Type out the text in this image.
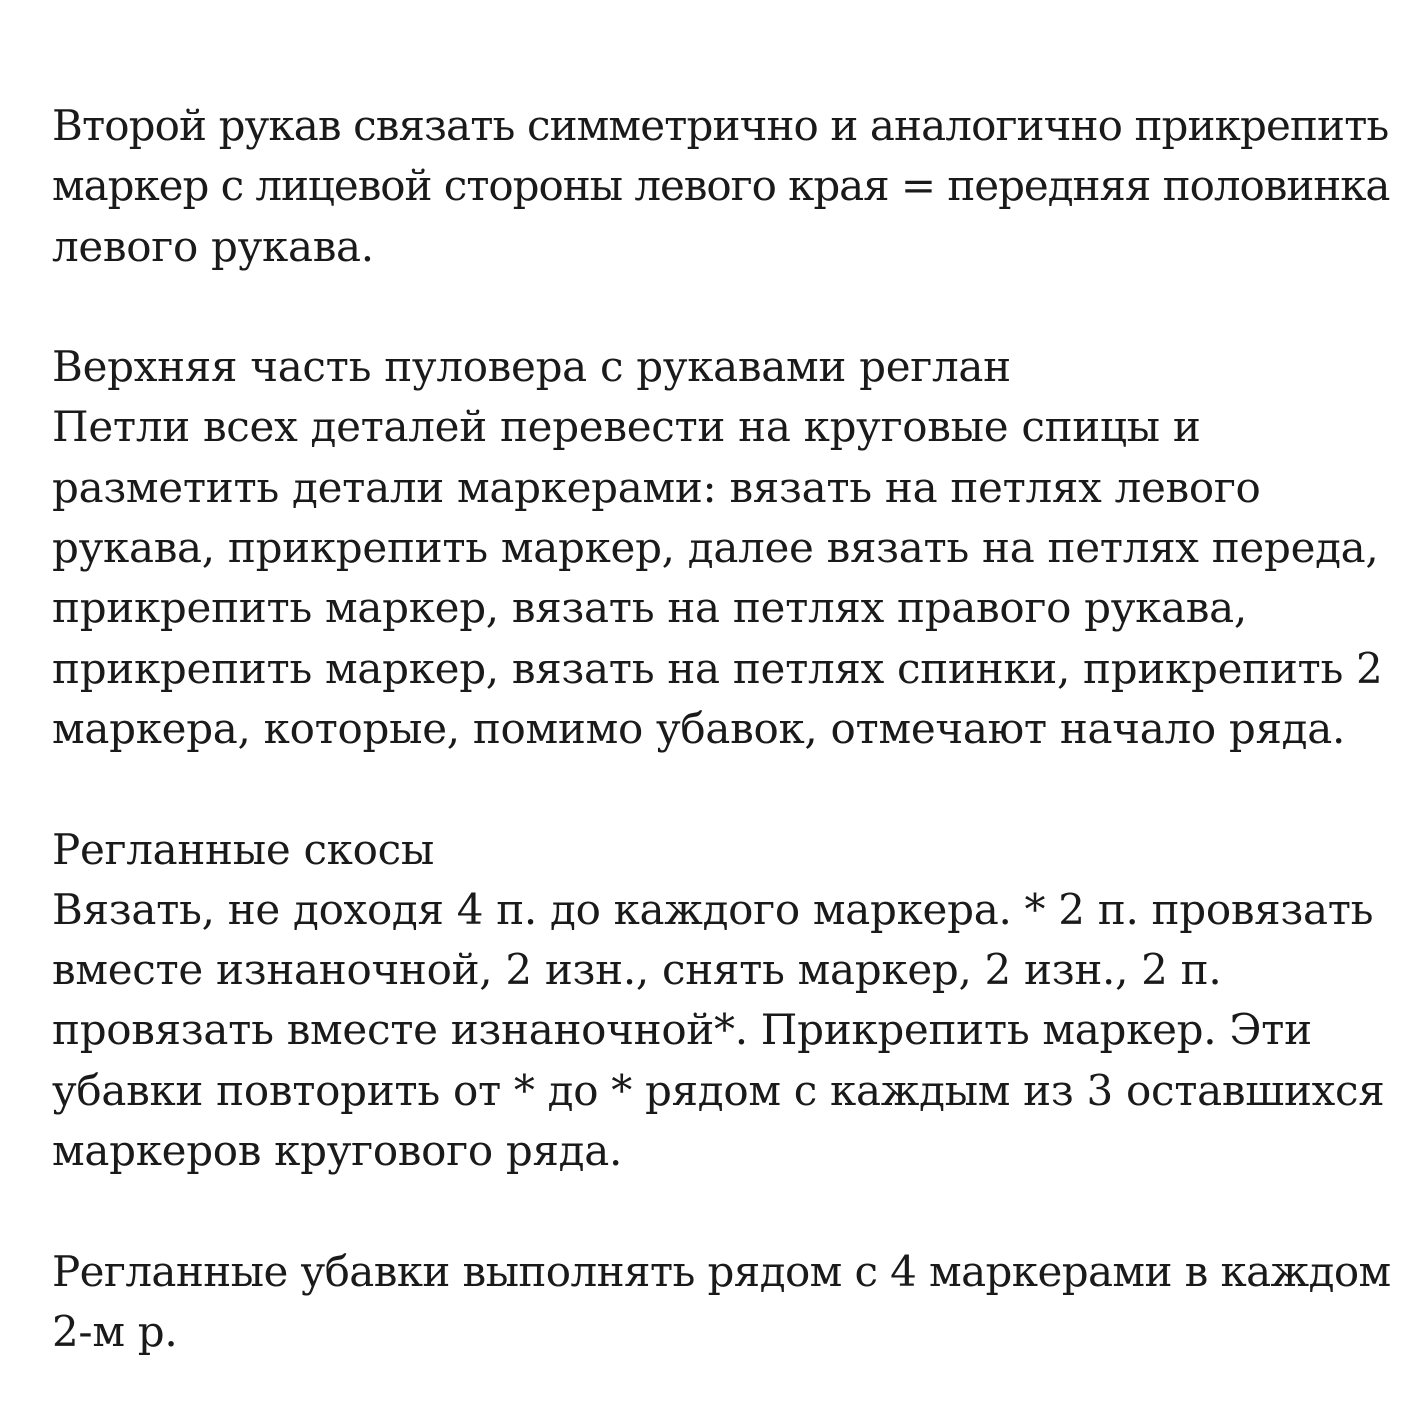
Второй рукав связать симметрично и аналогично прикрепить
маркер с лицевой стороны левого края = передняя половинка
левого рукава.
Верхняя часть пуловера с рукавами реглан
Петли всех деталей перевести на круговые спицы и
разметить детали маркерами: вязать на петлях левого
рукава, прикрепить маркер, далее вязать на петлях переда,
прикрепить маркер, вязать на петлях правого рукава,
прикрепить маркер, вязать на петлях спинки, прикрепить 2
маркера, которые, помимо убавок, отмечают начало ряда.
Регланные скосы
Вязать, не доходя 4 п. до каждого маркера. * 2 п. провязать
вместе изнаночной, 2 изн., снять маркер, 2 изн., 2 п.
провязать вместе изнаночной*. Прикрепить маркер. Эти
убавки повторить от * до * рядом с каждым из 3 оставшихся
маркеров кругового ряда.
Регланные убавки выполнять рядом с 4 маркерами в каждом
2-м р.
